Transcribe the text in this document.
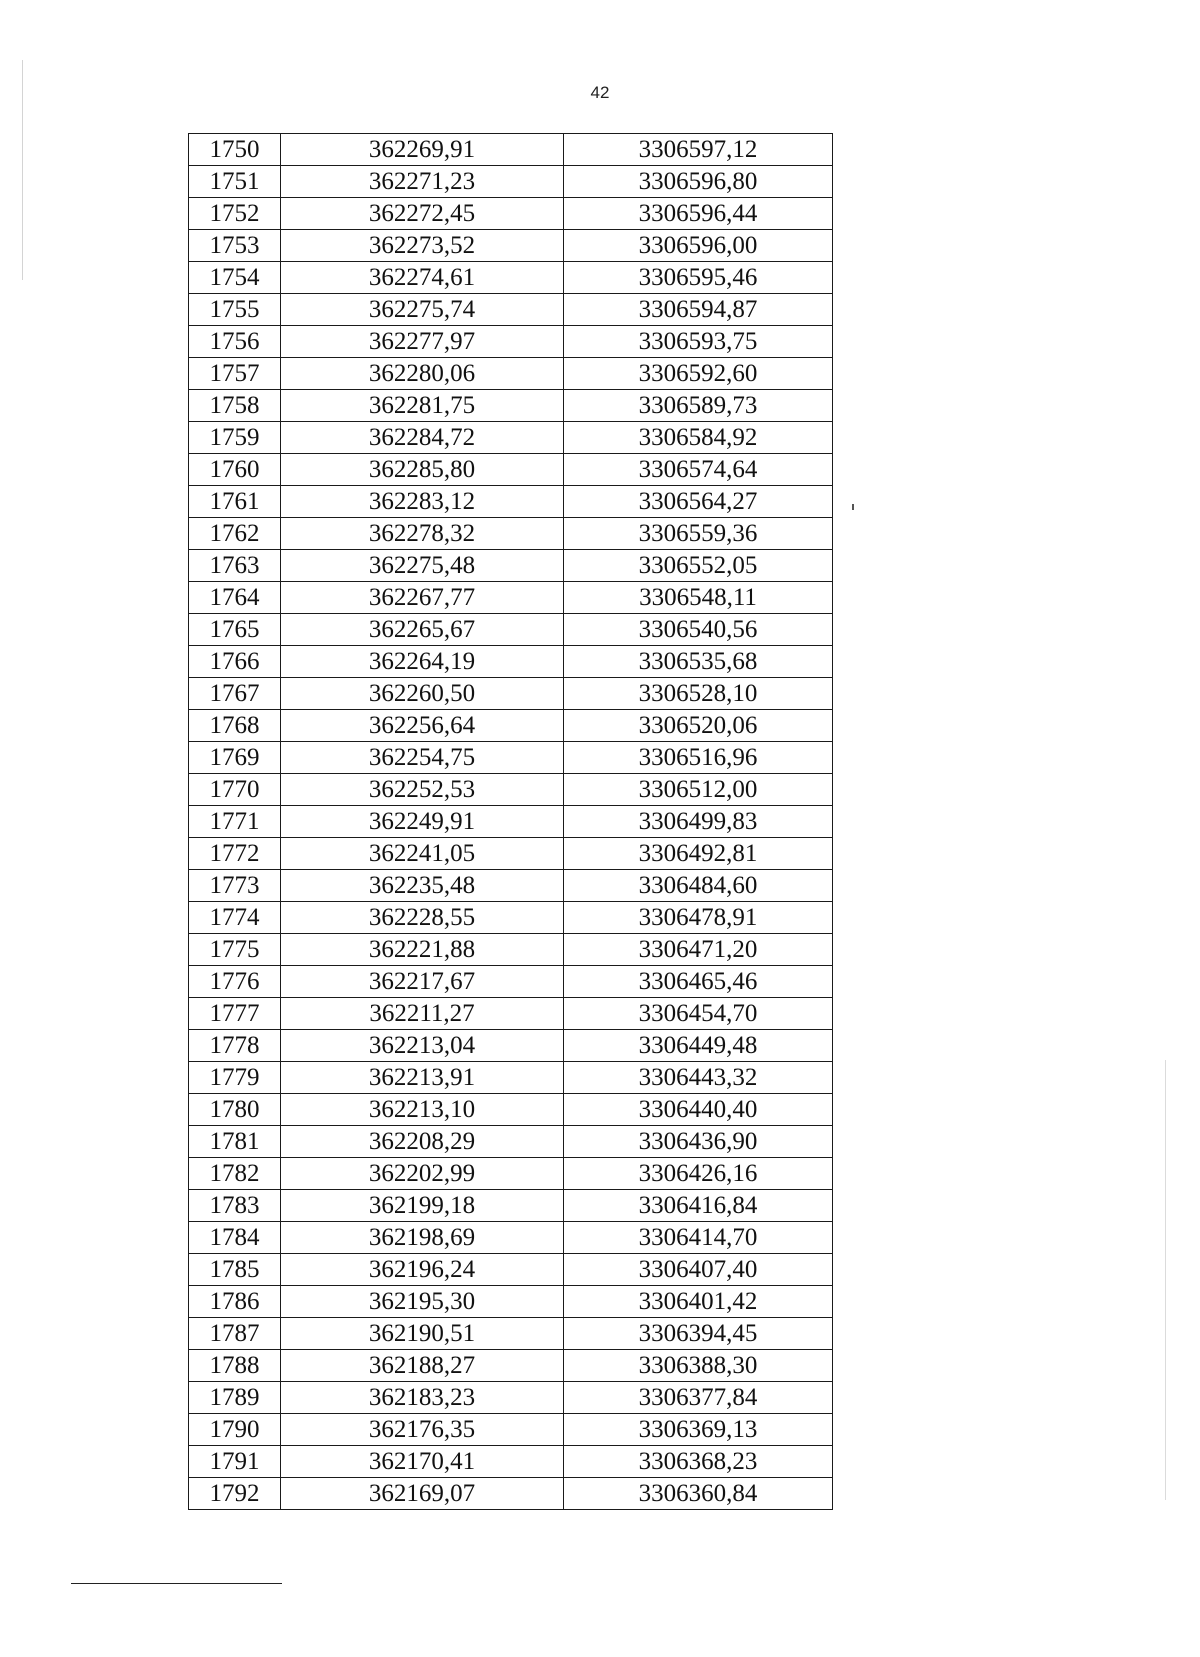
42
1750	362269,91	3306597,12
1751	362271,23	3306596,80
1752	362272,45	3306596,44
1753	362273,52	3306596,00
1754	362274,61	3306595,46
1755	362275,74	3306594,87
1756	362277,97	3306593,75
1757	362280,06	3306592,60
1758	362281,75	3306589,73
1759	362284,72	3306584,92
1760	362285,80	3306574,64
1761	362283,12	3306564,27
1762	362278,32	3306559,36
1763	362275,48	3306552,05
1764	362267,77	3306548,11
1765	362265,67	3306540,56
1766	362264,19	3306535,68
1767	362260,50	3306528,10
1768	362256,64	3306520,06
1769	362254,75	3306516,96
1770	362252,53	3306512,00
1771	362249,91	3306499,83
1772	362241,05	3306492,81
1773	362235,48	3306484,60
1774	362228,55	3306478,91
1775	362221,88	3306471,20
1776	362217,67	3306465,46
1777	362211,27	3306454,70
1778	362213,04	3306449,48
1779	362213,91	3306443,32
1780	362213,10	3306440,40
1781	362208,29	3306436,90
1782	362202,99	3306426,16
1783	362199,18	3306416,84
1784	362198,69	3306414,70
1785	362196,24	3306407,40
1786	362195,30	3306401,42
1787	362190,51	3306394,45
1788	362188,27	3306388,30
1789	362183,23	3306377,84
1790	362176,35	3306369,13
1791	362170,41	3306368,23
1792	362169,07	3306360,84
